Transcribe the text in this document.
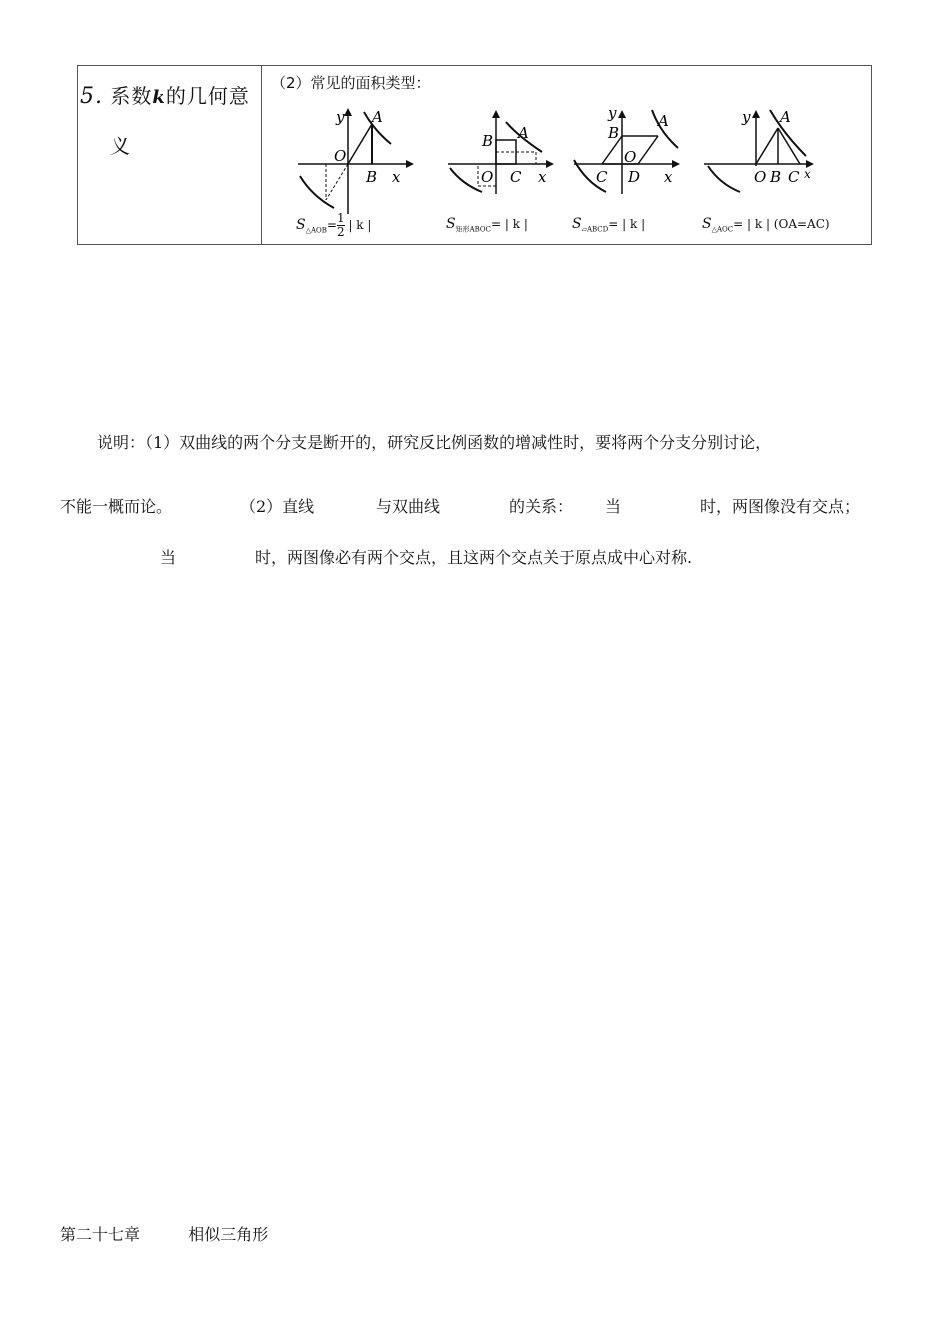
5. 系数k的几何意
义
（2）常见的面积类型：
y A
O
B x
$S_{\triangle AOB}= \frac{1}{2}$ | k |
B A
O C x
$S_{矩形ABOC}=$ | k |
y
B
A
O
C D x
$S_{▱ABCD}=$ | k |
y A
O B C x
$S_{\triangle AOC}=$ | k | (OA=AC)
说明：（1）双曲线的两个分支是断开的，研究反比例函数的增减性时，要将两个分支分别讨论，
不能一概而论。	（2）直线	与双曲线	的关系： 当	时，两图像没有交点；
当	时，两图像必有两个交点，且这两个交点关于原点成中心对称.
第二十七章	相似三角形
